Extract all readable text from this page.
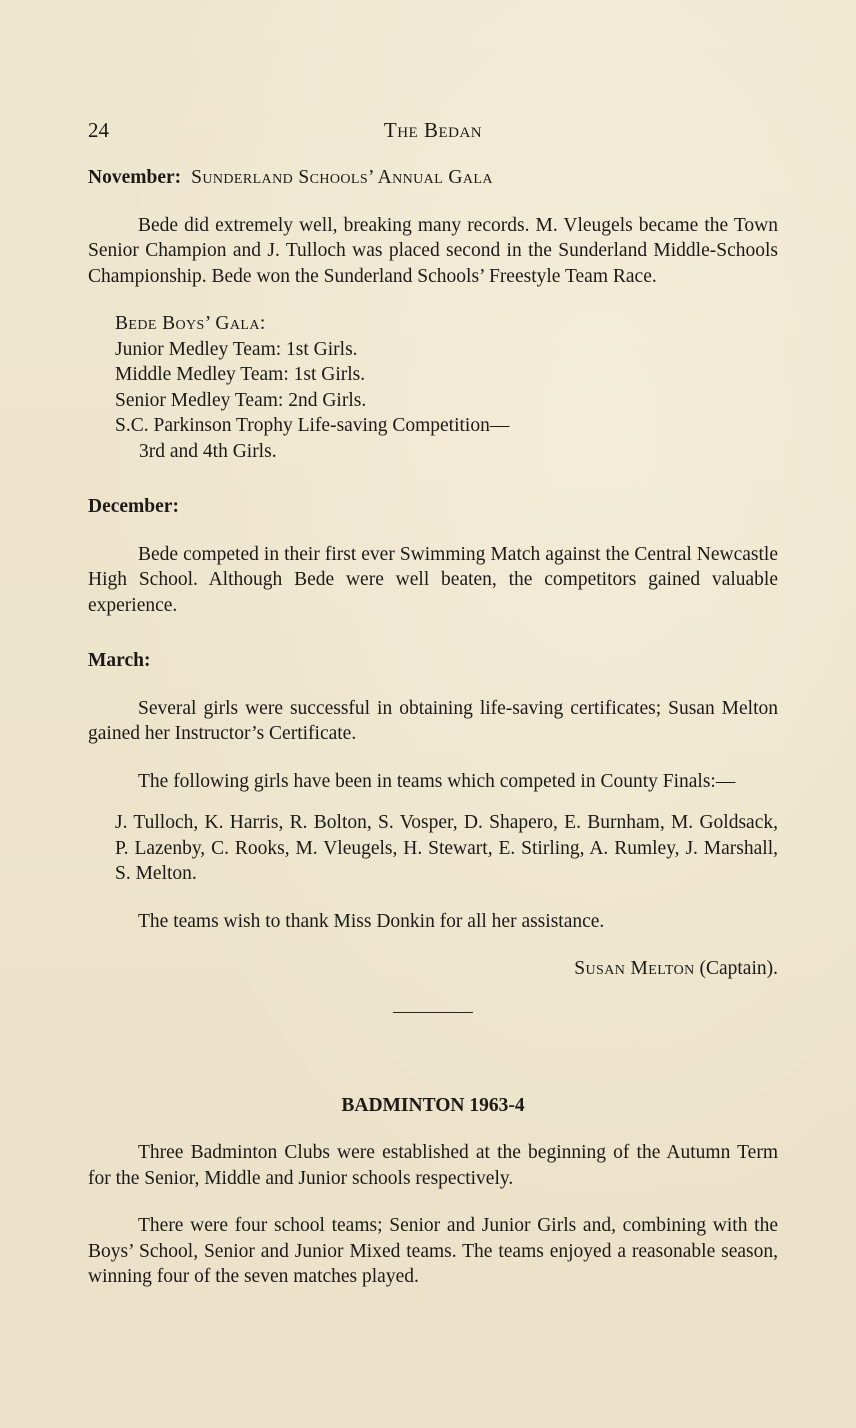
24	The Bedan
November: Sunderland Schools’ Annual Gala

Bede did extremely well, breaking many records. M. Vleugels became the Town Senior Champion and J. Tulloch was placed second in the Sunderland Middle-Schools Championship. Bede won the Sunderland Schools’ Freestyle Team Race.

Bede Boys’ Gala:
Junior Medley Team: 1st Girls.
Middle Medley Team: 1st Girls.
Senior Medley Team: 2nd Girls.
S.C. Parkinson Trophy Life-saving Competition—
3rd and 4th Girls.
December:

Bede competed in their first ever Swimming Match against the Central Newcastle High School. Although Bede were well beaten, the competitors gained valuable experience.

March:

Several girls were successful in obtaining life-saving certificates; Susan Melton gained her Instructor’s Certificate.

The following girls have been in teams which competed in County Finals:—

J. Tulloch, K. Harris, R. Bolton, S. Vosper, D. Shapero, E. Burnham, M. Goldsack, P. Lazenby, C. Rooks, M. Vleugels, H. Stewart, E. Stirling, A. Rumley, J. Marshall, S. Melton.

The teams wish to thank Miss Donkin for all her assistance.

Susan Melton (Captain).

BADMINTON 1963-4

Three Badminton Clubs were established at the beginning of the Autumn Term for the Senior, Middle and Junior schools respectively.

There were four school teams; Senior and Junior Girls and, combining with the Boys’ School, Senior and Junior Mixed teams. The teams enjoyed a reasonable season, winning four of the seven matches played.
